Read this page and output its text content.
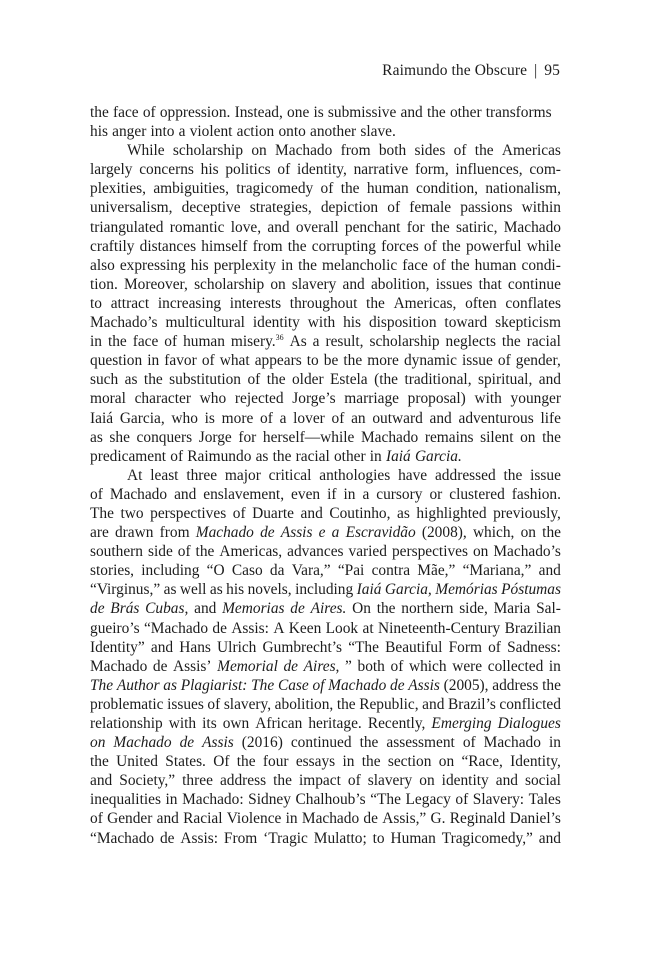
Raimundo the Obscure | 95
the face of oppression. Instead, one is submissive and the other transforms
his anger into a violent action onto another slave.
While scholarship on Machado from both sides of the Americas
largely concerns his politics of identity, narrative form, influences, com-
plexities, ambiguities, tragicomedy of the human condition, nationalism,
universalism, deceptive strategies, depiction of female passions within
triangulated romantic love, and overall penchant for the satiric, Machado
craftily distances himself from the corrupting forces of the powerful while
also expressing his perplexity in the melancholic face of the human condi-
tion. Moreover, scholarship on slavery and abolition, issues that continue
to attract increasing interests throughout the Americas, often conflates
Machado’s multicultural identity with his disposition toward skepticism
in the face of human misery.$^{36}$ As a result, scholarship neglects the racial
question in favor of what appears to be the more dynamic issue of gender,
such as the substitution of the older Estela (the traditional, spiritual, and
moral character who rejected Jorge’s marriage proposal) with younger
Iaiá Garcia, who is more of a lover of an outward and adventurous life
as she conquers Jorge for herself—while Machado remains silent on the
predicament of Raimundo as the racial other in Iaiá Garcia.
At least three major critical anthologies have addressed the issue
of Machado and enslavement, even if in a cursory or clustered fashion.
The two perspectives of Duarte and Coutinho, as highlighted previously,
are drawn from Machado de Assis e a Escravidão (2008), which, on the
southern side of the Americas, advances varied perspectives on Machado’s
stories, including “O Caso da Vara,” “Pai contra Mãe,” “Mariana,” and
“Virginus,” as well as his novels, including Iaiá Garcia, Memórias Póstumas
de Brás Cubas, and Memorias de Aires. On the northern side, Maria Sal-
gueiro’s “Machado de Assis: A Keen Look at Nineteenth-Century Brazilian
Identity” and Hans Ulrich Gumbrecht’s “The Beautiful Form of Sadness:
Machado de Assis’ Memorial de Aires, ” both of which were collected in
The Author as Plagiarist: The Case of Machado de Assis (2005), address the
problematic issues of slavery, abolition, the Republic, and Brazil’s conflicted
relationship with its own African heritage. Recently, Emerging Dialogues
on Machado de Assis (2016) continued the assessment of Machado in
the United States. Of the four essays in the section on “Race, Identity,
and Society,” three address the impact of slavery on identity and social
inequalities in Machado: Sidney Chalhoub’s “The Legacy of Slavery: Tales
of Gender and Racial Violence in Machado de Assis,” G. Reginald Daniel’s
“Machado de Assis: From ‘Tragic Mulatto; to Human Tragicomedy,” and
